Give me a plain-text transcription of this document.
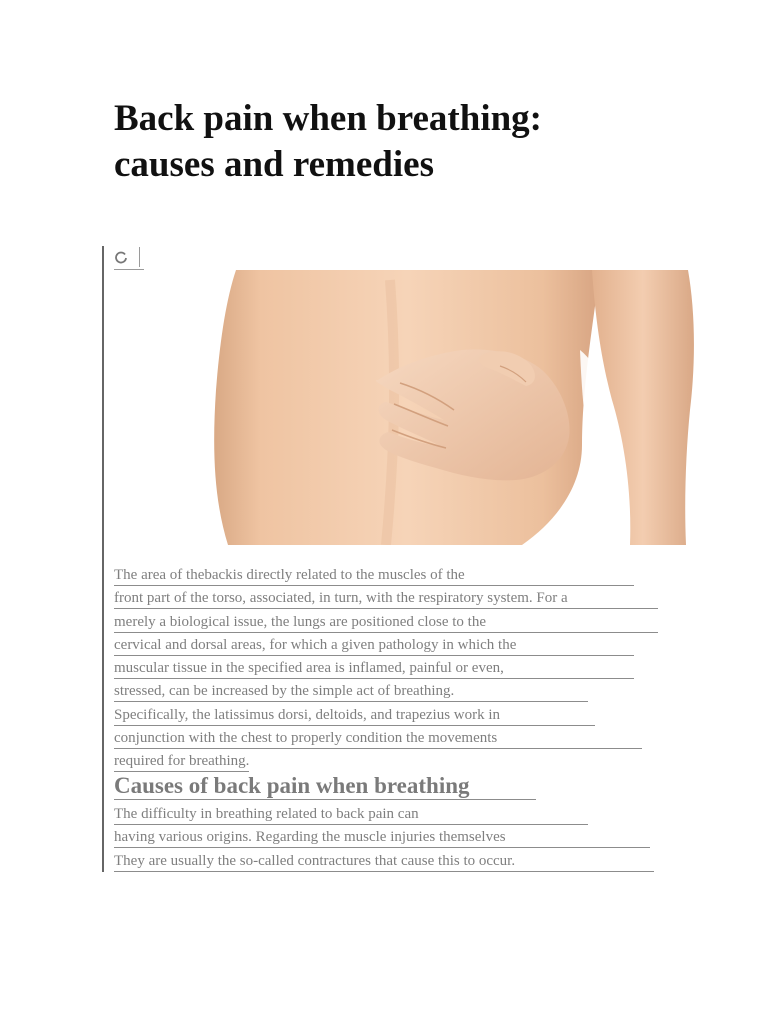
Back pain when breathing: causes and remedies
The area of thebackis directly related to the muscles of the
front part of the torso, associated, in turn, with the respiratory system. For a
merely a biological issue, the lungs are positioned close to the
cervical and dorsal areas, for which a given pathology in which the
muscular tissue in the specified area is inflamed, painful or even,
stressed, can be increased by the simple act of breathing.
Specifically, the latissimus dorsi, deltoids, and trapezius work in
conjunction with the chest to properly condition the movements
required for breathing.
Causes of back pain when breathing
The difficulty in breathing related to back pain can
having various origins. Regarding the muscle injuries themselves
They are usually the so-called contractures that cause this to occur.
